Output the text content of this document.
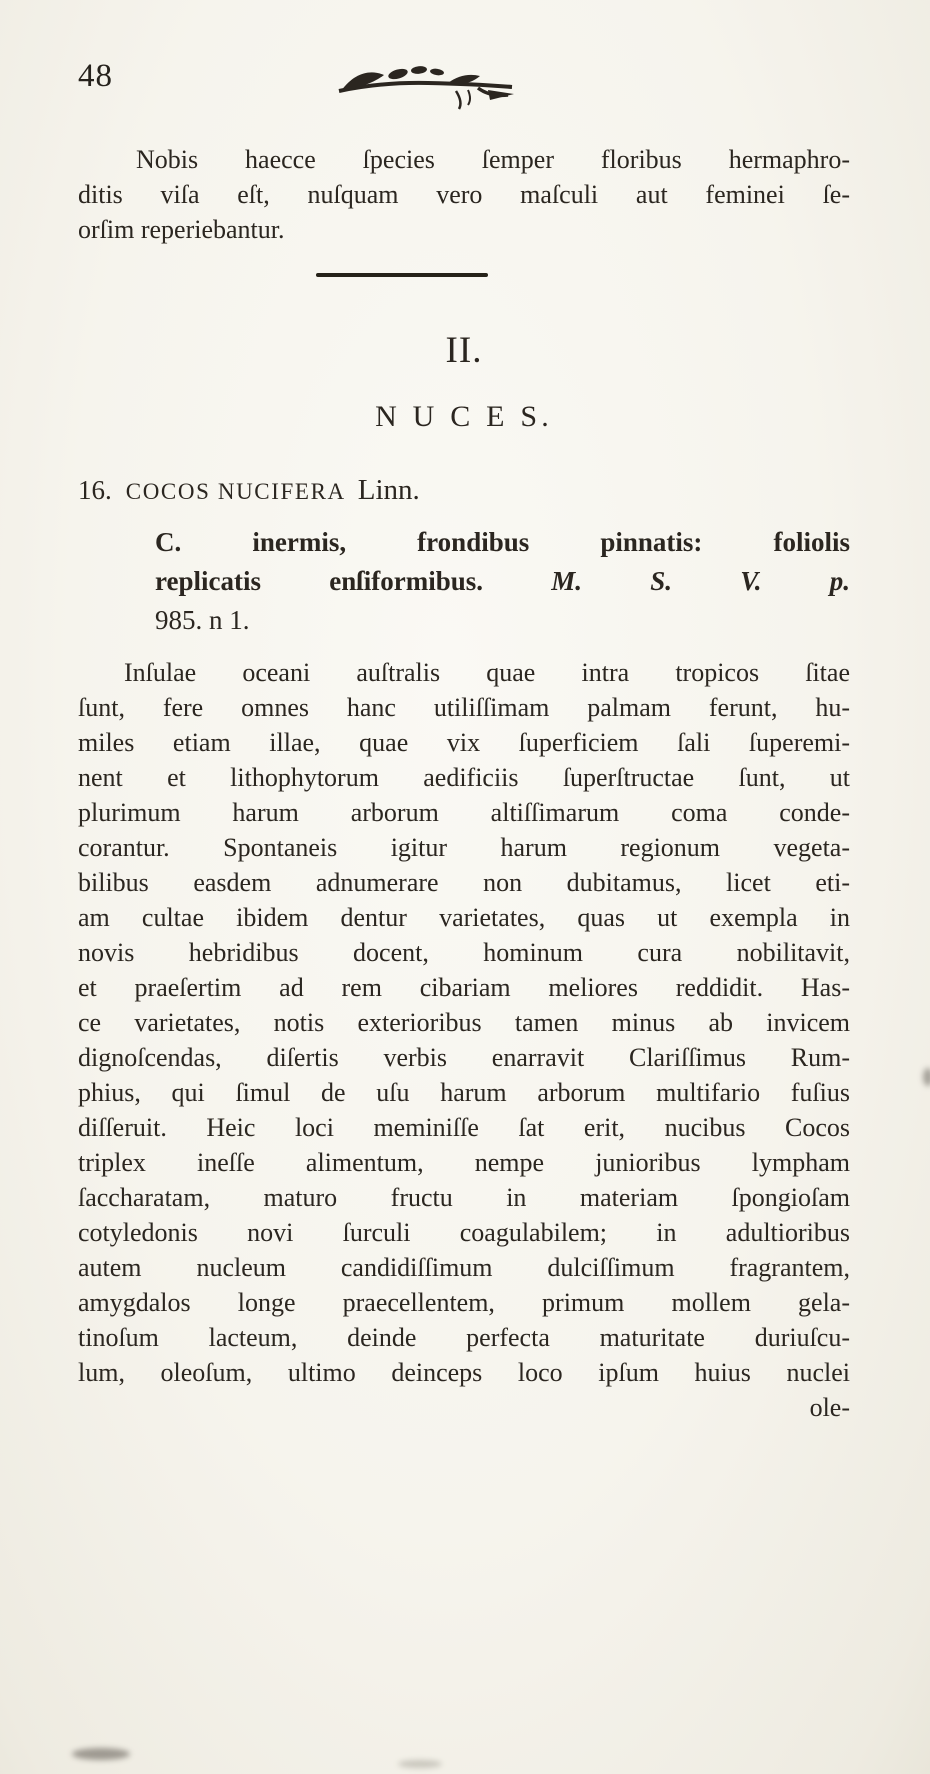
48
Nobis haecce ſpecies ſemper floribus hermaphro-
ditis viſa eſt, nuſquam vero maſculi aut feminei ſe-
orſim reperiebantur.
II.
N U C E S.
16. COCOS NUCIFERA Linn.
C. inermis, frondibus pinnatis: foliolis
replicatis enſiformibus.	M. S. V. p.
985. n 1.
Inſulae oceani auſtralis quae intra tropicos ſitae
ſunt, fere omnes hanc utiliſſimam palmam ferunt, hu-
miles etiam illae, quae vix ſuperficiem ſali ſuperemi-
nent et lithophytorum aedificiis ſuperſtructae ſunt, ut
plurimum harum arborum altiſſimarum coma conde-
corantur. Spontaneis igitur harum regionum vegeta-
bilibus easdem adnumerare non dubitamus, licet eti-
am cultae ibidem dentur varietates, quas ut exempla in
novis hebridibus docent, hominum cura nobilitavit,
et praeſertim ad rem cibariam meliores reddidit. Has-
ce varietates, notis exterioribus tamen minus ab invicem
dignoſcendas, diſertis verbis enarravit Clariſſimus Rum-
phius, qui ſimul de uſu harum arborum multifario fuſius
diſſeruit. Heic loci meminiſſe ſat erit, nucibus Cocos
triplex ineſſe alimentum, nempe junioribus lympham
ſaccharatam, maturo fructu in materiam ſpongioſam
cotyledonis novi ſurculi coagulabilem; in adultioribus
autem nucleum candidiſſimum dulciſſimum fragrantem,
amygdalos longe praecellentem, primum mollem gela-
tinoſum lacteum, deinde perfecta maturitate duriuſcu-
lum, oleoſum, ultimo deinceps loco ipſum huius nuclei
ole-
